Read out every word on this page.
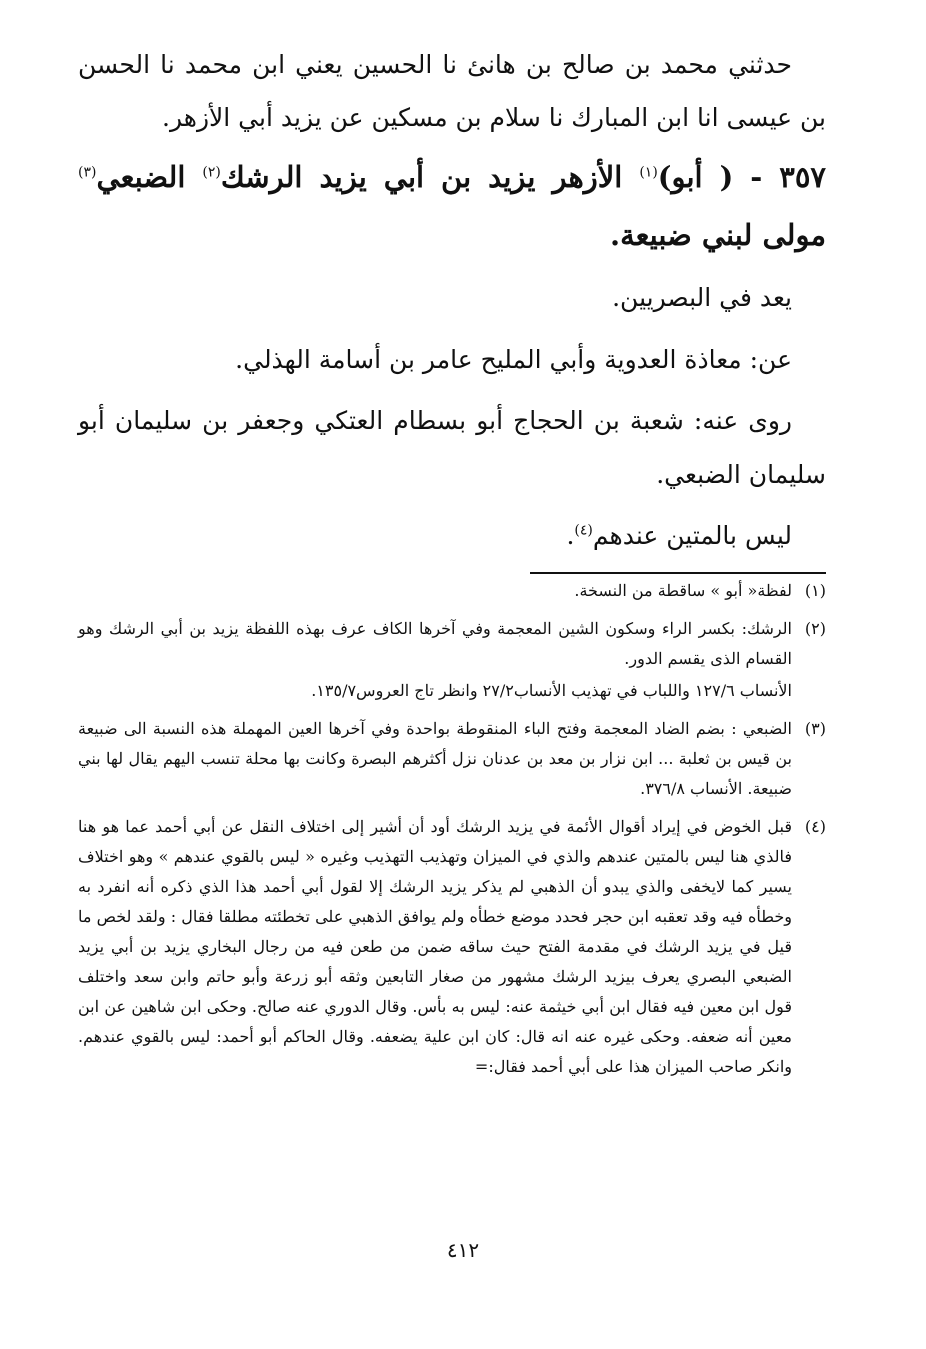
حدثني محمد بن صالح بن هانئ نا الحسين يعني ابن محمد نا الحسن بن عيسى انا ابن المبارك نا سلام بن مسكين عن يزيد أبي الأزهر.

٣٥٧ - ( أبو)$^{(١)}$ الأزهر يزيد بن أبي يزيد الرشك$^{(٢)}$ الضبعي$^{(٣)}$ مولى لبني ضبيعة.

يعد في البصريين.

عن: معاذة العدوية وأبي المليح عامر بن أسامة الهذلي.

روى عنه: شعبة بن الحجاج أبو بسطام العتكي وجعفر بن سليمان أبو سليمان الضبعي.

ليس بالمتين عندهم$^{(٤)}$.

(١)
لفظة« أبو » ساقطة من النسخة.
(٢)
الرشك: بكسر الراء وسكون الشين المعجمة وفي آخرها الكاف عرف بهذه اللفظة يزيد بن أبي الرشك وهو القسام الذى يقسم الدور.

الأنساب ١٢٧/٦ واللباب في تهذيب الأنساب٢٧/٢ وانظر تاج العروس١٣٥/٧.

(٣)
الضبعي : بضم الضاد المعجمة وفتح الباء المنقوطة بواحدة وفي آخرها العين المهملة هذه النسبة الى ضبيعة بن قيس بن ثعلبة ... ابن نزار بن معد بن عدنان نزل أكثرهم البصرة وكانت بها محلة تنسب اليهم يقال لها بني ضبيعة. الأنساب ٣٧٦/٨.
(٤)
قبل الخوض في إيراد أقوال الأئمة في يزيد الرشك أود أن أشير إلى اختلاف النقل عن أبي أحمد عما هو هنا فالذي هنا ليس بالمتين عندهم والذي في الميزان وتهذيب التهذيب وغيره « ليس بالقوي عندهم » وهو اختلاف يسير كما لايخفى والذي يبدو أن الذهبي لم يذكر يزيد الرشك إلا لقول أبي أحمد هذا الذي ذكره أنه انفرد به وخطأه فيه وقد تعقبه ابن حجر فحدد موضع خطأه ولم يوافق الذهبي على تخطئته مطلقا فقال : ولقد لخص ما قيل في يزيد الرشك في مقدمة الفتح حيث ساقه ضمن من طعن فيه من رجال البخاري يزيد بن أبي يزيد الضبعي البصري يعرف بيزيد الرشك مشهور من صغار التابعين وثقه أبو زرعة وأبو حاتم وابن سعد واختلف قول ابن معين فيه فقال ابن أبي خيثمة عنه: ليس به بأس. وقال الدوري عنه صالح. وحكى ابن شاهين عن ابن معين أنه ضعفه. وحكى غيره عنه انه قال: كان ابن علية يضعفه. وقال الحاكم أبو أحمد: ليس بالقوي عندهم. وانكر صاحب الميزان هذا على أبي أحمد فقال:=
٤١٢
